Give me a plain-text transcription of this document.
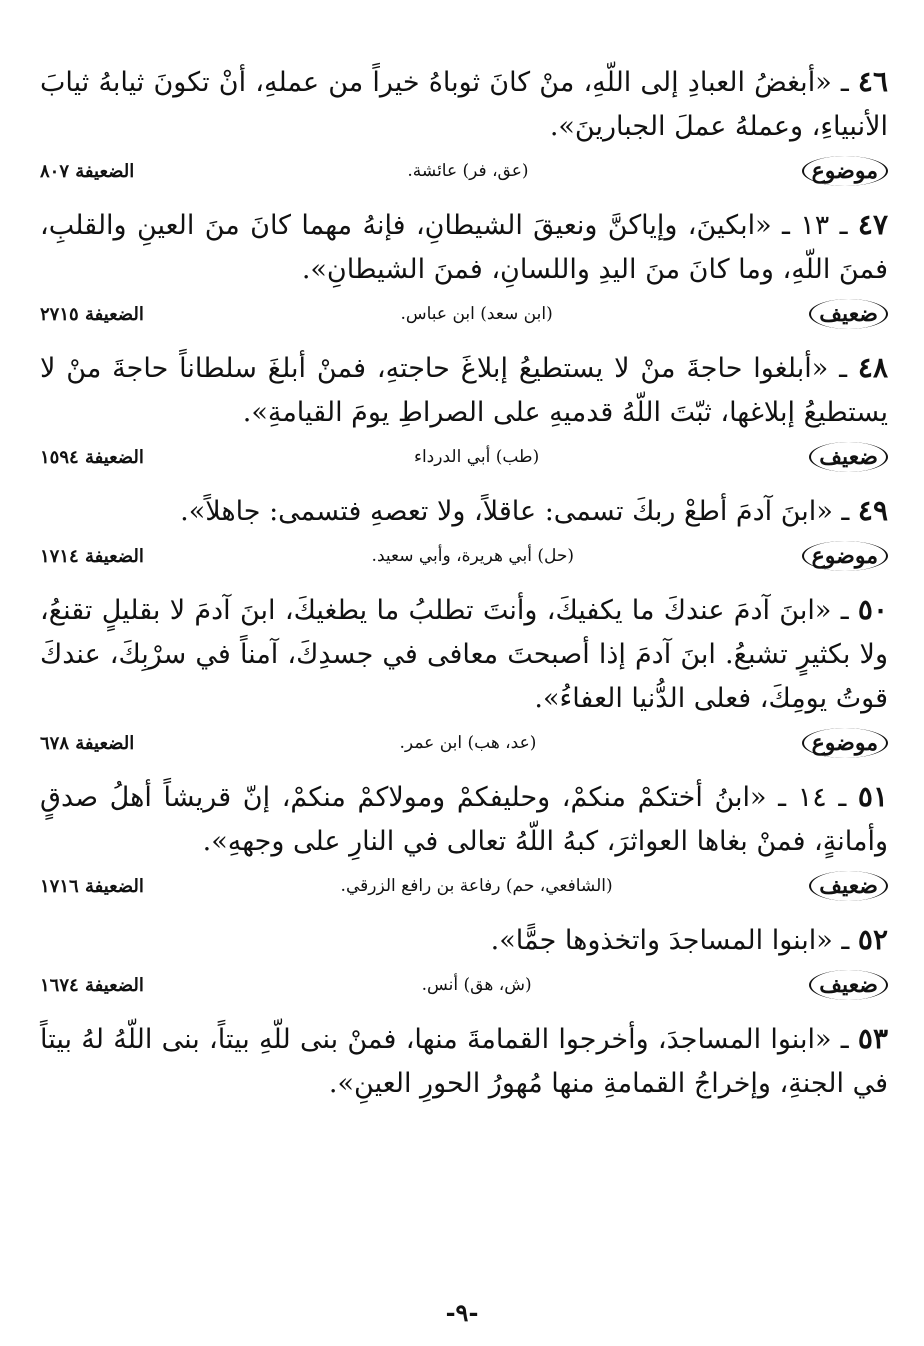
٤٦ ـ «أبغضُ العبادِ إلى اللّهِ، منْ كانَ ثوباهُ خيراً من عملهِ، أنْ تكونَ ثيابهُ ثيابَ الأنبياءِ، وعملهُ عملَ الجبارينَ».

موضوع
(عق، فر) عائشة.
الضعيفة ٨٠٧

٤٧ ـ ١٣ ـ «ابكينَ، وإياكنَّ ونعيقَ الشيطانِ، فإنهُ مهما كانَ منَ العينِ والقلبِ، فمنَ اللّهِ، وما كانَ منَ اليدِ واللسانِ، فمنَ الشيطانِ».

ضعيف
(ابن سعد) ابن عباس.
الضعيفة ٢٧١٥

٤٨ ـ «أبلغوا حاجةَ منْ لا يستطيعُ إبلاغَ حاجتهِ، فمنْ أبلغَ سلطاناً حاجةَ منْ لا يستطيعُ إبلاغها، ثبّتَ اللّهُ قدميهِ على الصراطِ يومَ القيامةِ».

ضعيف
(طب) أبي الدرداء
الضعيفة ١٥٩٤

٤٩ ـ «ابنَ آدمَ أطعْ ربكَ تسمى: عاقلاً، ولا تعصهِ فتسمى: جاهلاً».

موضوع
(حل) أبي هريرة، وأبي سعيد.
الضعيفة ١٧١٤

٥٠ ـ «ابنَ آدمَ عندكَ ما يكفيكَ، وأنتَ تطلبُ ما يطغيكَ، ابنَ آدمَ لا بقليلٍ تقنعُ، ولا بكثيرٍ تشبعُ. ابنَ آدمَ إذا أصبحتَ معافى في جسدِكَ، آمناً في سرْبِكَ، عندكَ قوتُ يومِكَ، فعلى الدُّنيا العفاءُ».

موضوع
(عد، هب) ابن عمر.
الضعيفة ٦٧٨

٥١ ـ ١٤ ـ «ابنُ أختكمْ منكمْ، وحليفكمْ ومولاكمْ منكمْ، إنّ قريشاً أهلُ صدقٍ وأمانةٍ، فمنْ بغاها العواثرَ، كبهُ اللّهُ تعالى في النارِ على وجههِ».

ضعيف
(الشافعي، حم) رفاعة بن رافع الزرقي.
الضعيفة ١٧١٦

٥٢ ـ «ابنوا المساجدَ واتخذوها جمًّا».

ضعيف
(ش، هق) أنس.
الضعيفة ١٦٧٤

٥٣ ـ «ابنوا المساجدَ، وأخرجوا القمامةَ منها، فمنْ بنى للّهِ بيتاً، بنى اللّهُ لهُ بيتاً في الجنةِ، وإخراجُ القمامةِ منها مُهورُ الحورِ العينِ».

-٩-
